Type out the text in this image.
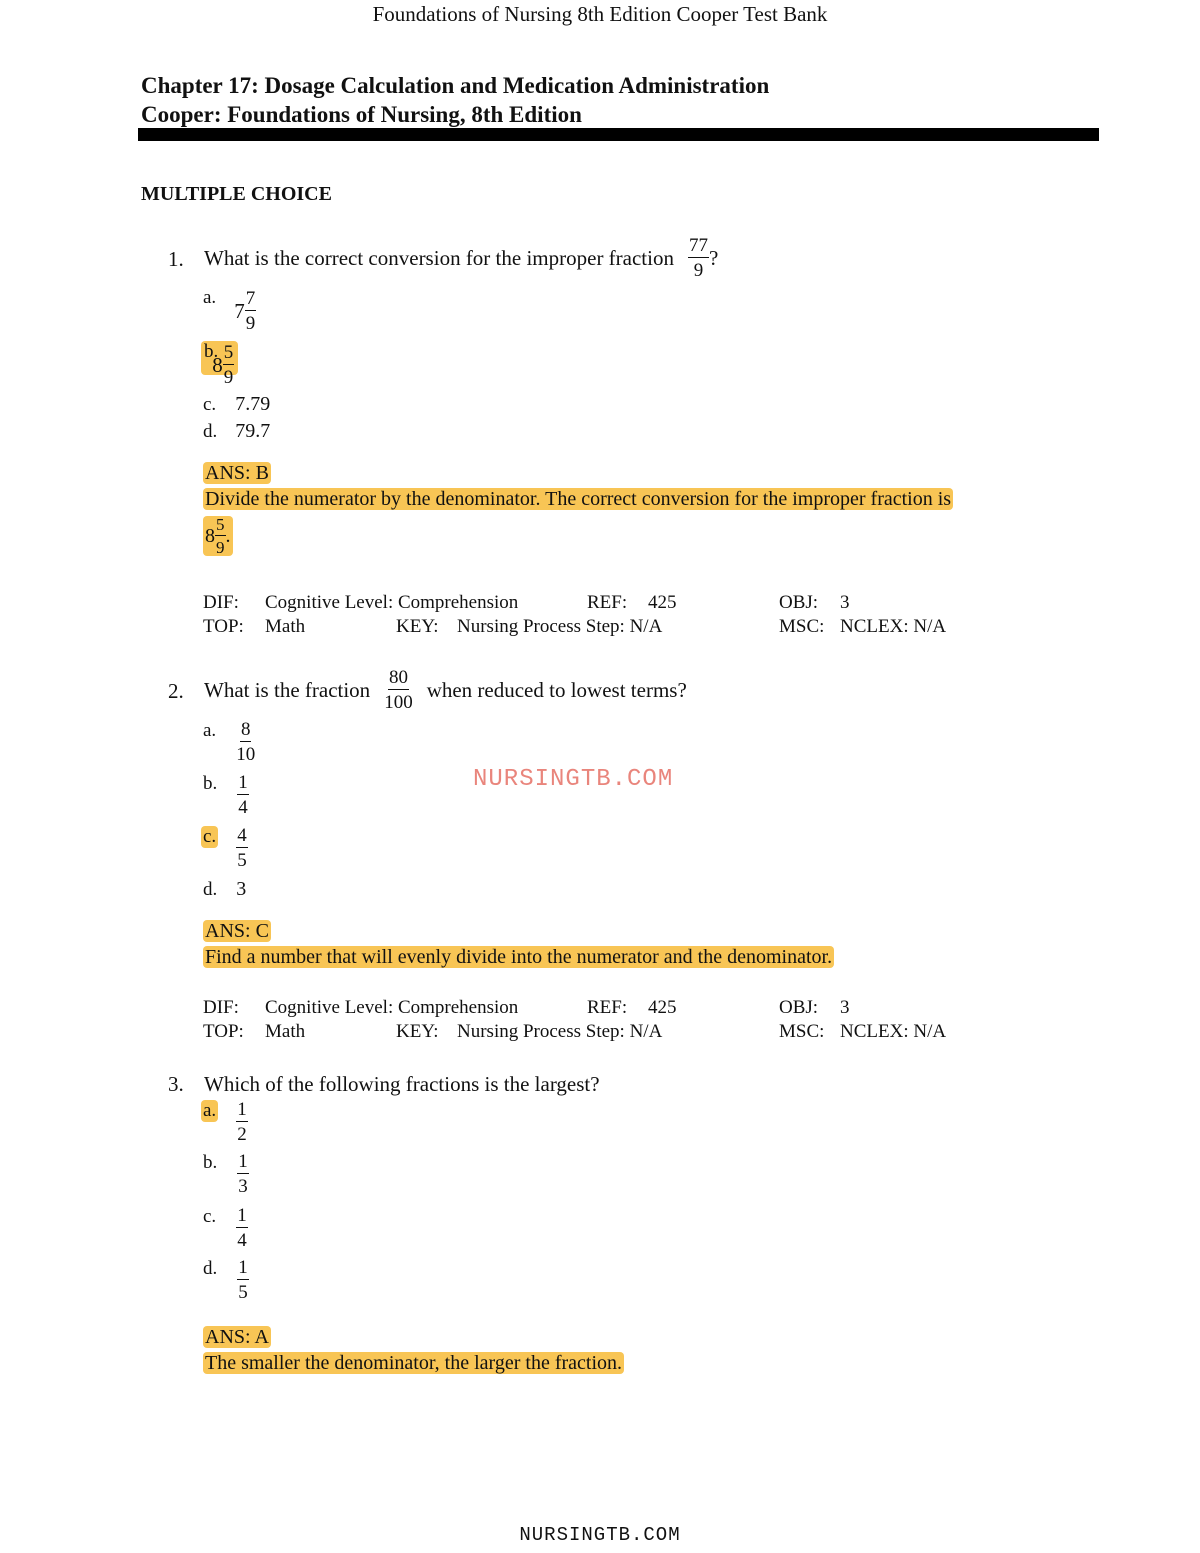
Foundations of Nursing 8th Edition Cooper Test Bank
Chapter 17: Dosage Calculation and Medication Administration
Cooper: Foundations of Nursing, 8th Edition
MULTIPLE CHOICE
1. What is the correct conversion for the improper fraction $\frac{77}{9}$ ?
a.
$7 \frac{7}{9}$
b.
$8 \frac{5}{9}$
c. 7.79
d. 79.7
ANS: B
Divide the numerator by the denominator. The correct conversion for the improper fraction is
$8 \frac{5}{9}$ .
DIF: Cognitive Level: Comprehension	REF: 425	OBJ: 3
TOP: Math	KEY: Nursing Process Step: N/A	MSC: NCLEX: N/A
2. What is the fraction $\frac{80}{100}$ when reduced to lowest terms?
a. $\frac{8}{10}$
b. $\frac{1}{4}$
c. $\frac{4}{5}$
d. 3
ANS: C
Find a number that will evenly divide into the numerator and the denominator.
DIF: Cognitive Level: Comprehension	REF: 425	OBJ: 3
TOP: Math	KEY: Nursing Process Step: N/A	MSC: NCLEX: N/A
NURSINGTB.COM
3. Which of the following fractions is the largest?
a. $\frac{1}{2}$
b. $\frac{1}{3}$
c. $\frac{1}{4}$
d. $\frac{1}{5}$
ANS: A
The smaller the denominator, the larger the fraction.
NURSINGTB.COM
